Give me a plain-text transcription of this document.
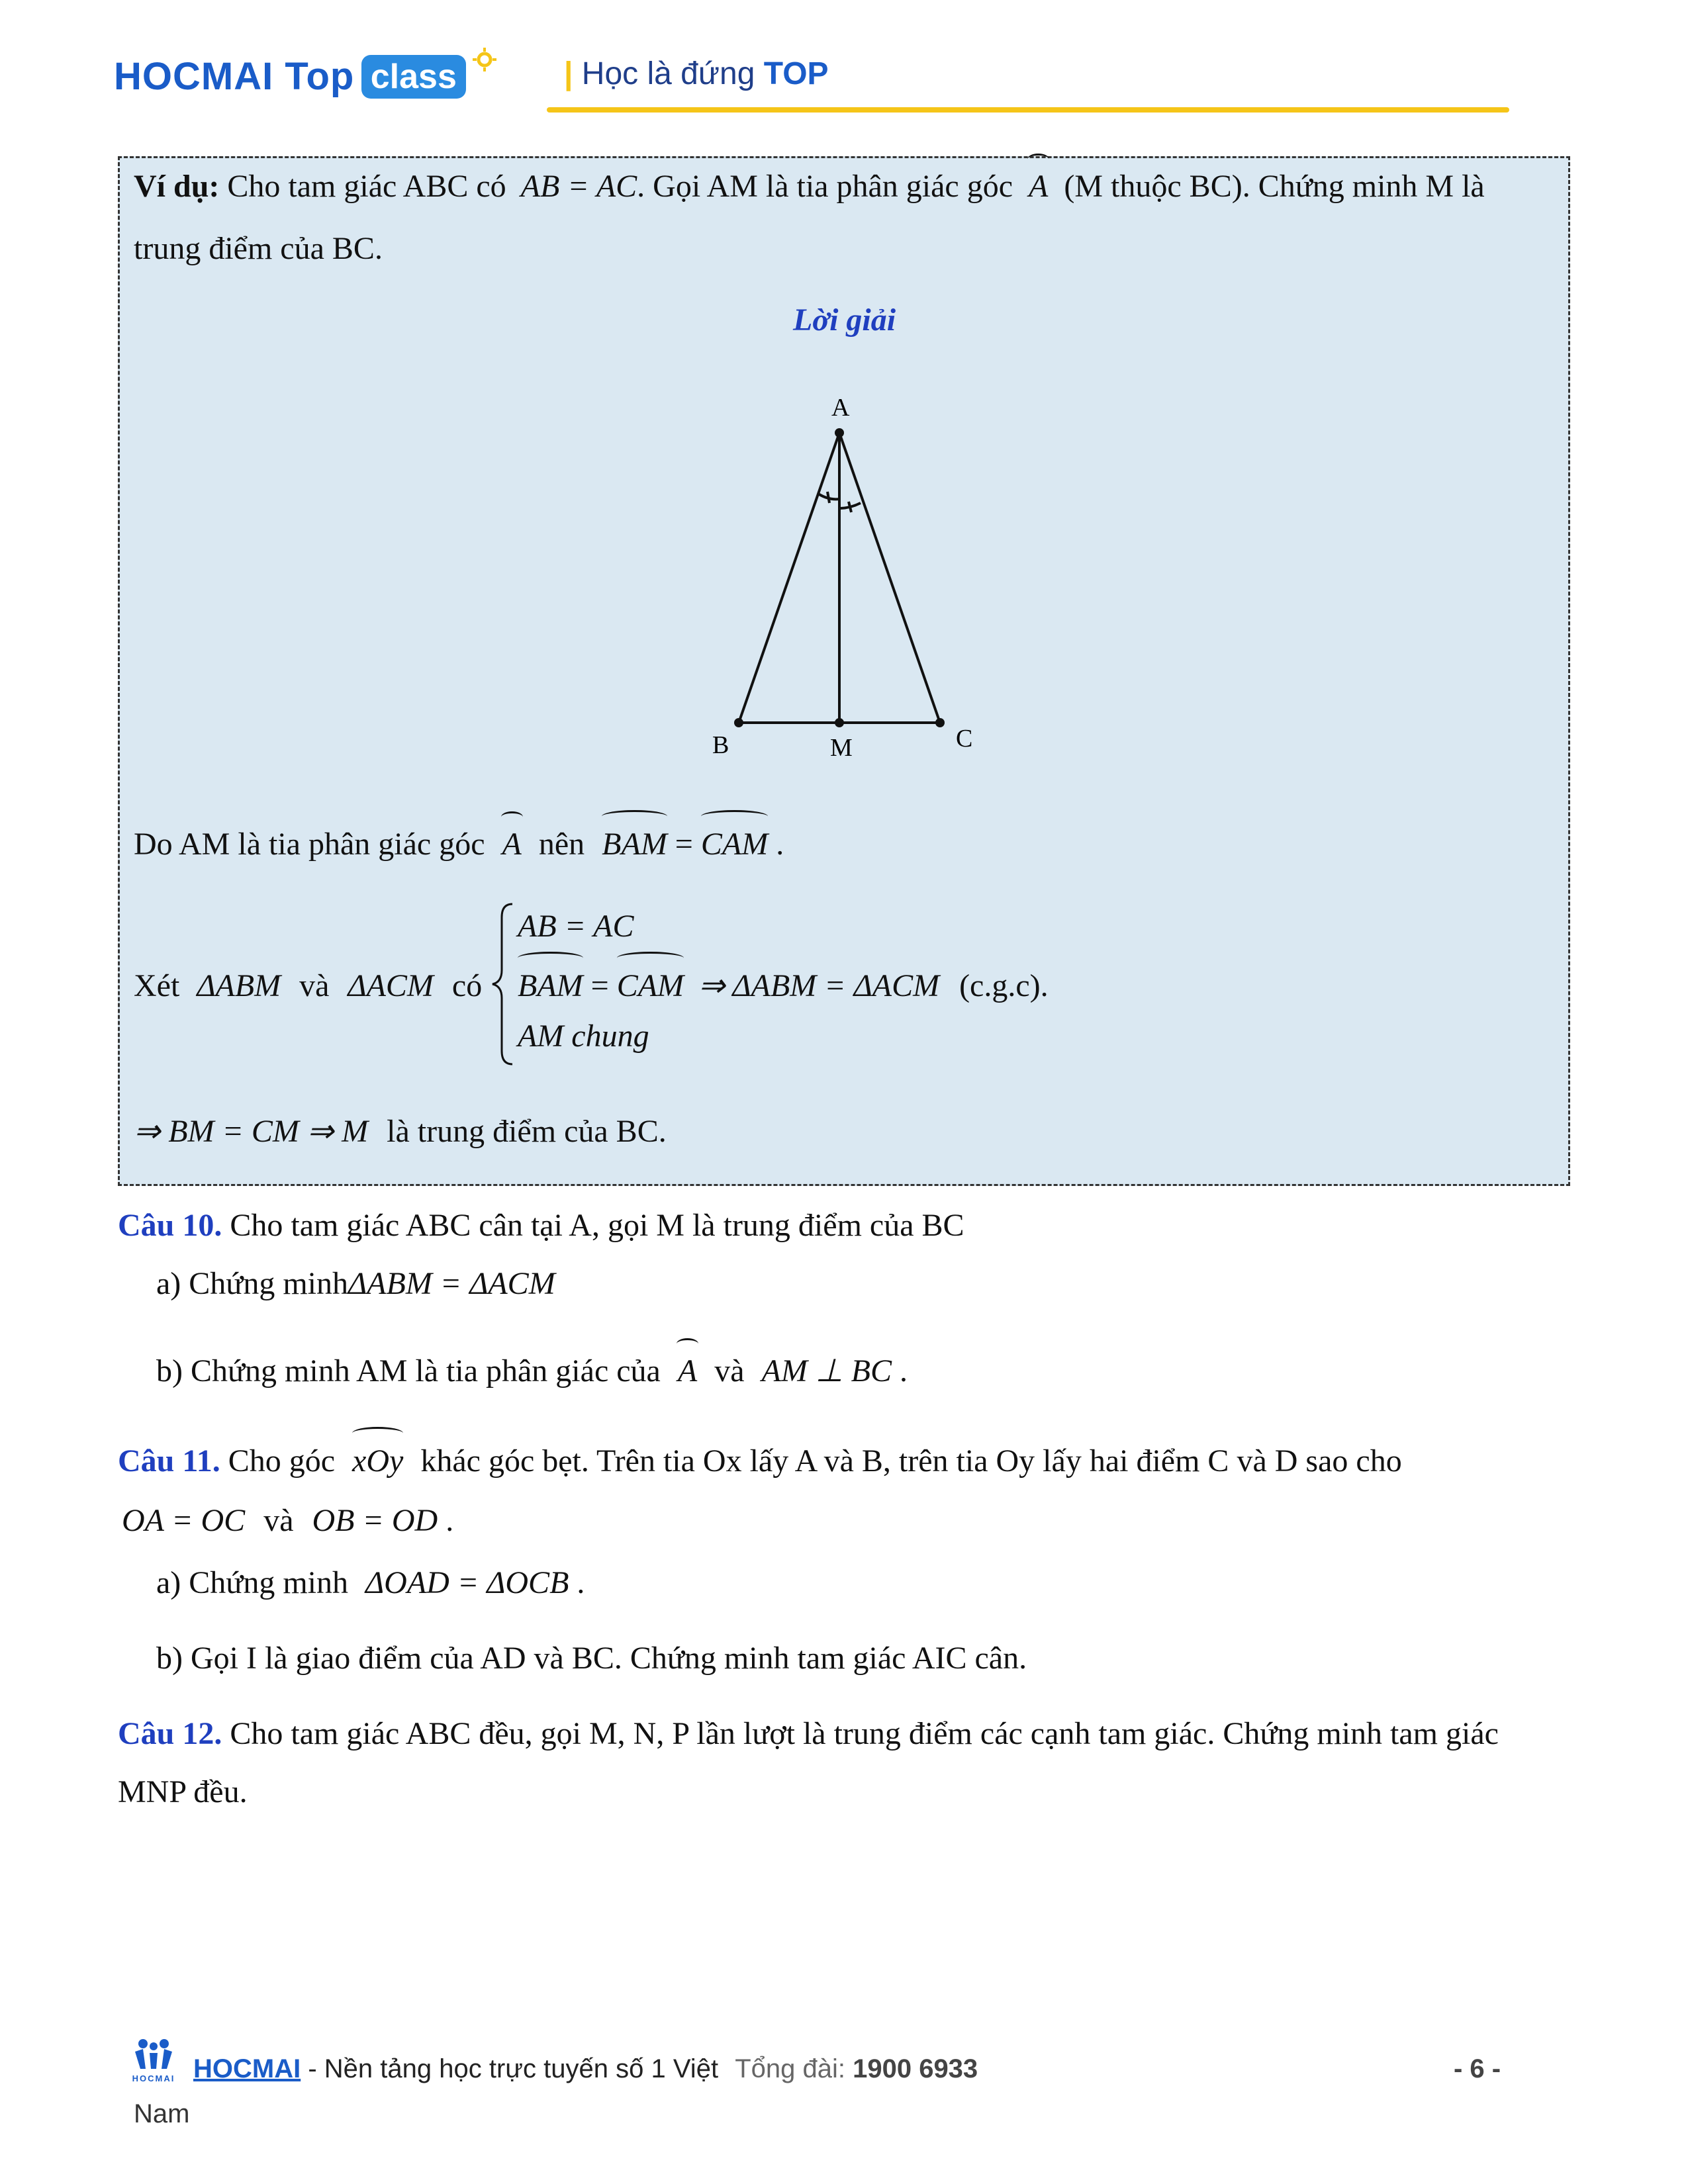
HOCMAI Top class	| Học là đứng TOP
Ví dụ: Cho tam giác ABC có AB = AC. Gọi AM là tia phân giác góc A (M thuộc BC). Chứng minh M là
trung điểm của BC.
Lời giải
A
B	M	C
Do AM là tia phân giác góc A nên BAM = CAM .
Xét ΔABM và ΔACM có
AB = AC
BAM = CAM ⇒ ΔABM = ΔACM (c.g.c).
AM chung
⇒ BM = CM ⇒ M là trung điểm của BC.
Câu 10. Cho tam giác ABC cân tại A, gọi M là trung điểm của BC
a) Chứng minhΔABM = ΔACM
b) Chứng minh AM là tia phân giác của A và AM ⊥ BC .
Câu 11. Cho góc xOy khác góc bẹt. Trên tia Ox lấy A và B, trên tia Oy lấy hai điểm C và D sao cho
OA = OC và OB = OD .
a) Chứng minh ΔOAD = ΔOCB .
b) Gọi I là giao điểm của AD và BC. Chứng minh tam giác AIC cân.
Câu 12. Cho tam giác ABC đều, gọi M, N, P lần lượt là trung điểm các cạnh tam giác. Chứng minh tam giác
MNP đều.
HOCMAI HOCMAI - Nền tảng học trực tuyến số 1 Việt Tổng đài: 1900 6933	- 6 -
Nam
